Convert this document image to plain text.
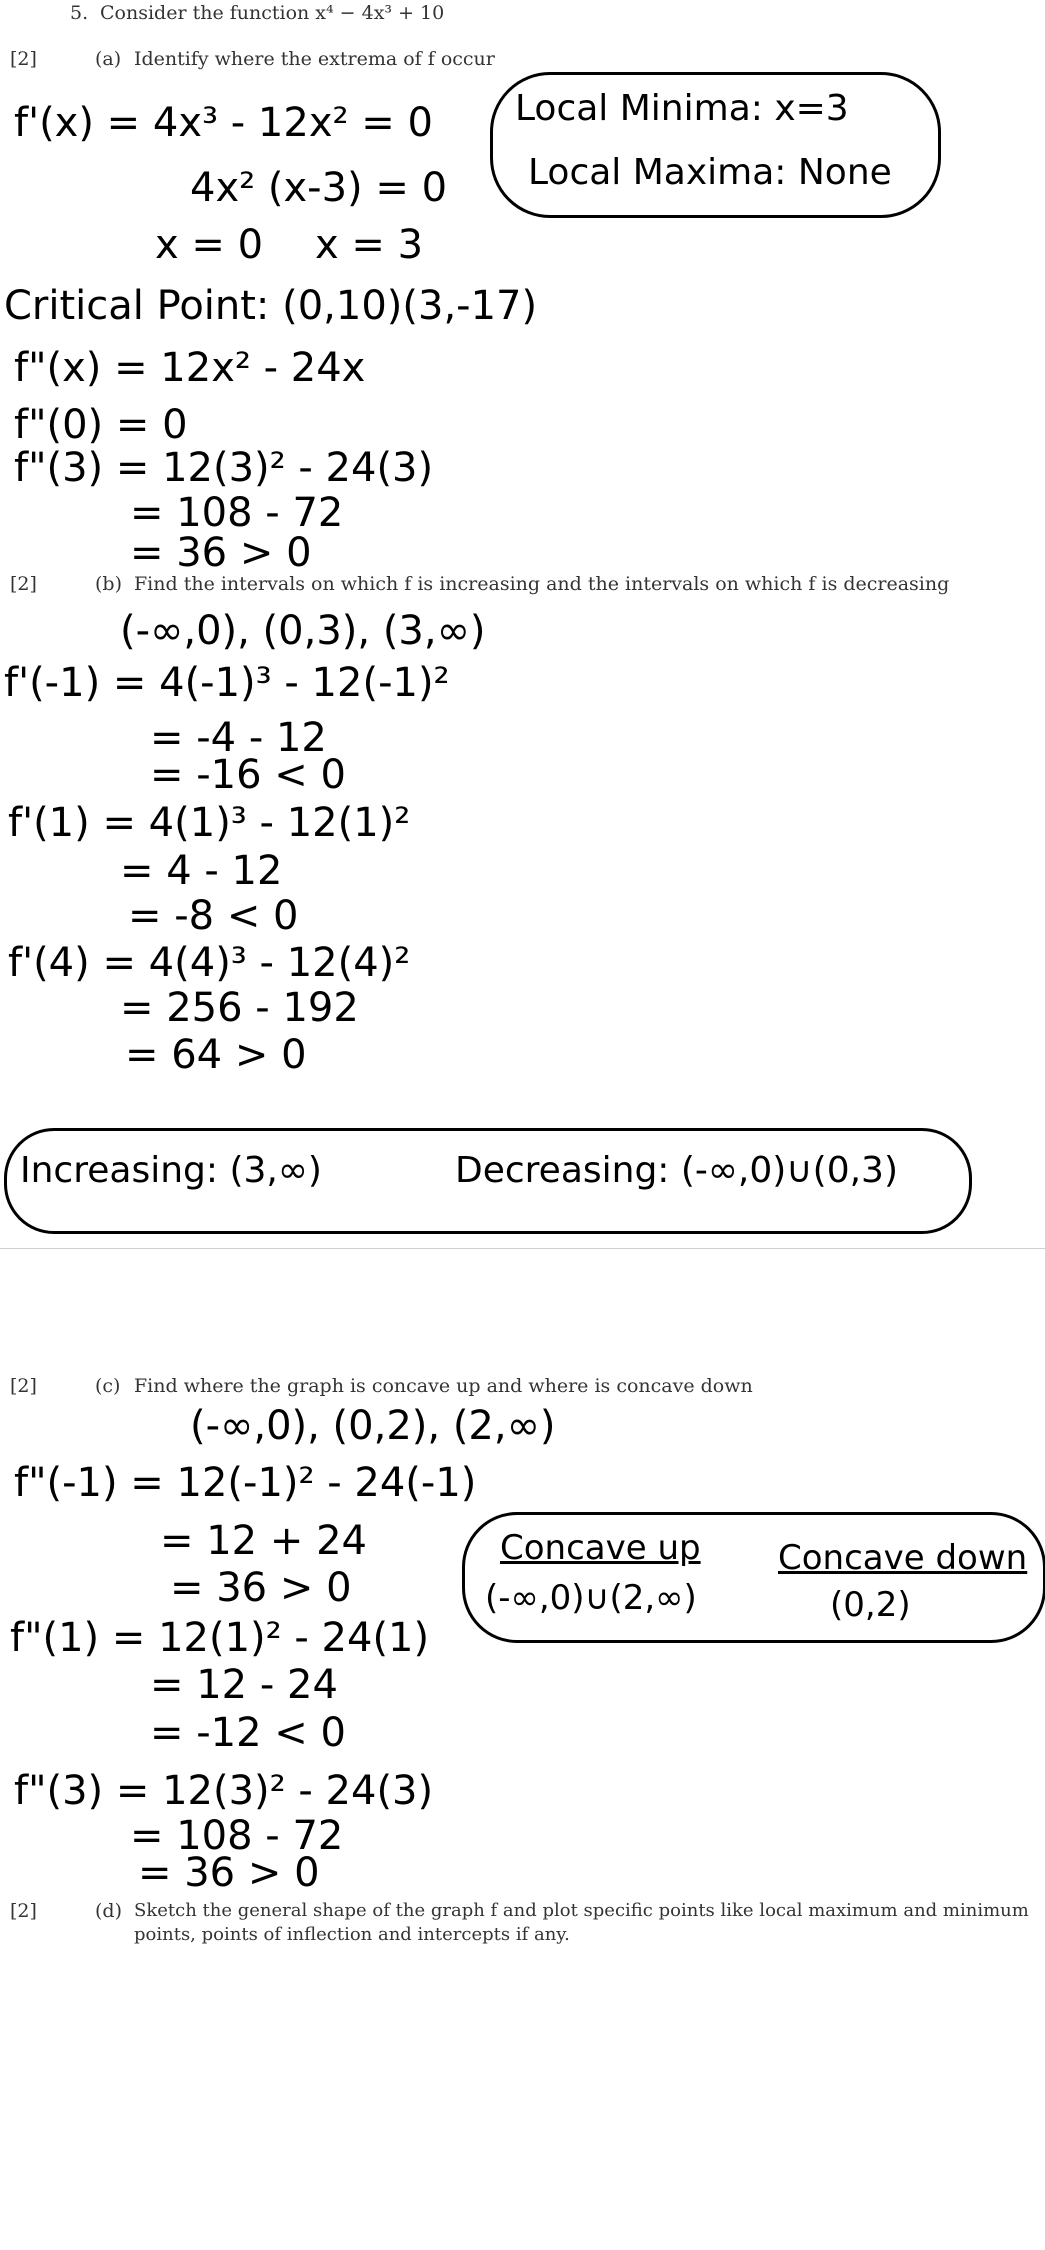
5. Consider the function x⁴ − 4x³ + 10
[2]	(a) Identify where the extrema of f occur
f'(x) = 4x³ - 12x² = 0
4x² (x-3) = 0
x = 0 x = 3
Critical Point: (0,10)(3,-17)
f"(x) = 12x² - 24x
f"(0) = 0
f"(3) = 12(3)² - 24(3)
= 108 - 72
= 36 > 0
Local Minima: x=3
Local Maxima: None
[2]	(b) Find the intervals on which f is increasing and the intervals on which f is decreasing
(-∞,0), (0,3), (3,∞)
f'(-1) = 4(-1)³ - 12(-1)²
= -4 - 12
= -16 < 0
f'(1) = 4(1)³ - 12(1)²
= 4 - 12
= -8 < 0
f'(4) = 4(4)³ - 12(4)²
= 256 - 192
= 64 > 0
Increasing: (3,∞)	Decreasing: (-∞,0)∪(0,3)
[2]	(c) Find where the graph is concave up and where is concave down
(-∞,0), (0,2), (2,∞)
f"(-1) = 12(-1)² - 24(-1)
= 12 + 24
= 36 > 0
f"(1) = 12(1)² - 24(1)
= 12 - 24
= -12 < 0
f"(3) = 12(3)² - 24(3)
= 108 - 72
= 36 > 0
Concave up
(-∞,0)∪(2,∞)
Concave down
(0,2)
[2]	(d) Sketch the general shape of the graph f and plot specific points like local maximum and minimum
points, points of inflection and intercepts if any.
